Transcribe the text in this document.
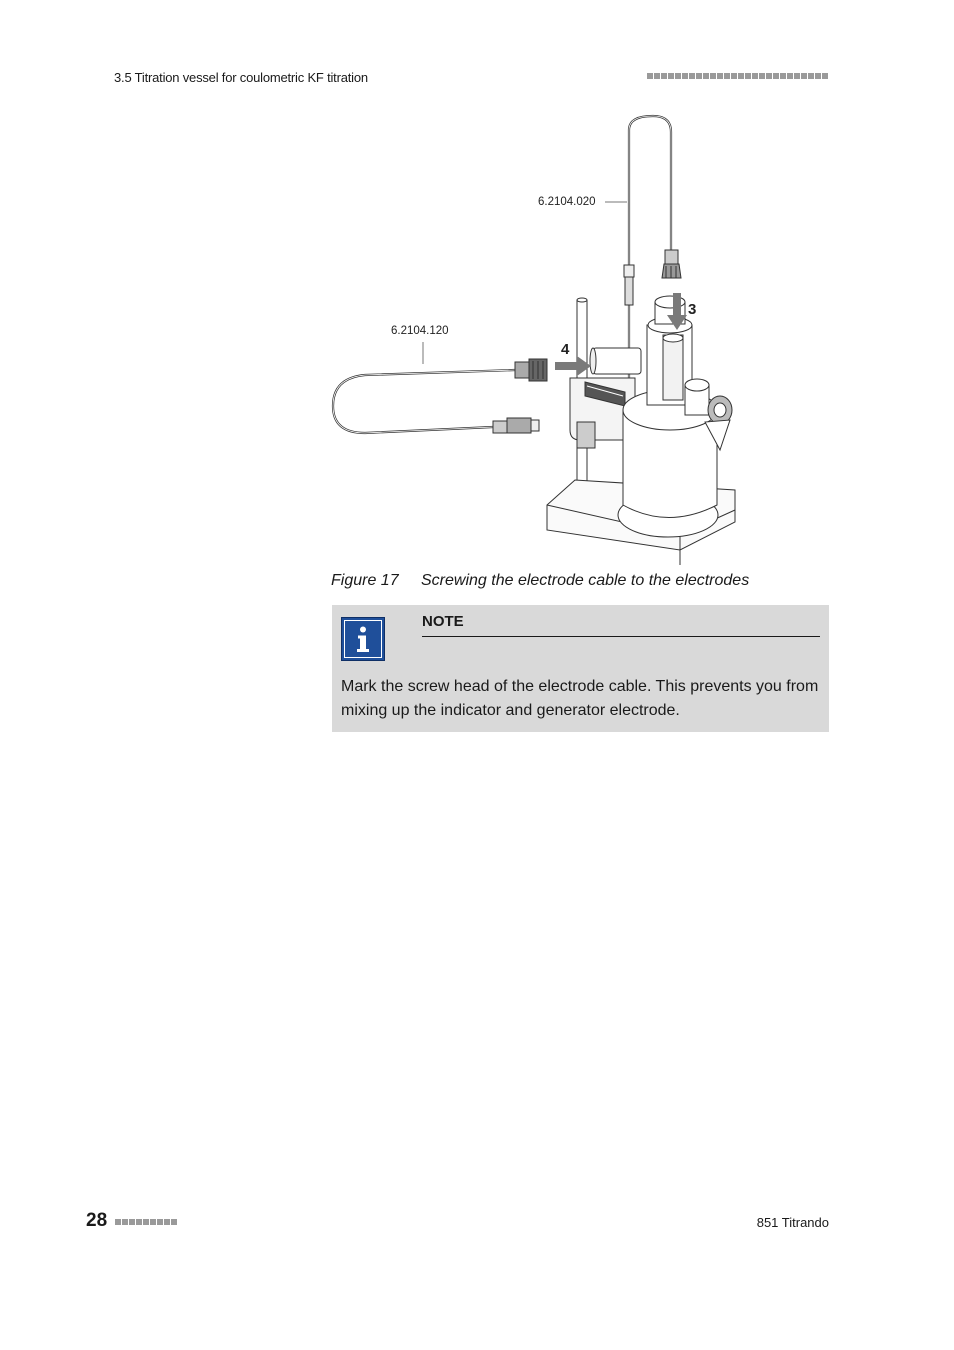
3.5 Titration vessel for coulometric KF titration
6.2104.020
6.2104.120
3
4
Figure 17 Screwing the electrode cable to the electrodes
NOTE
Mark the screw head of the electrode cable. This prevents you from mixing up the indicator and generator electrode.
28	851 Titrando
